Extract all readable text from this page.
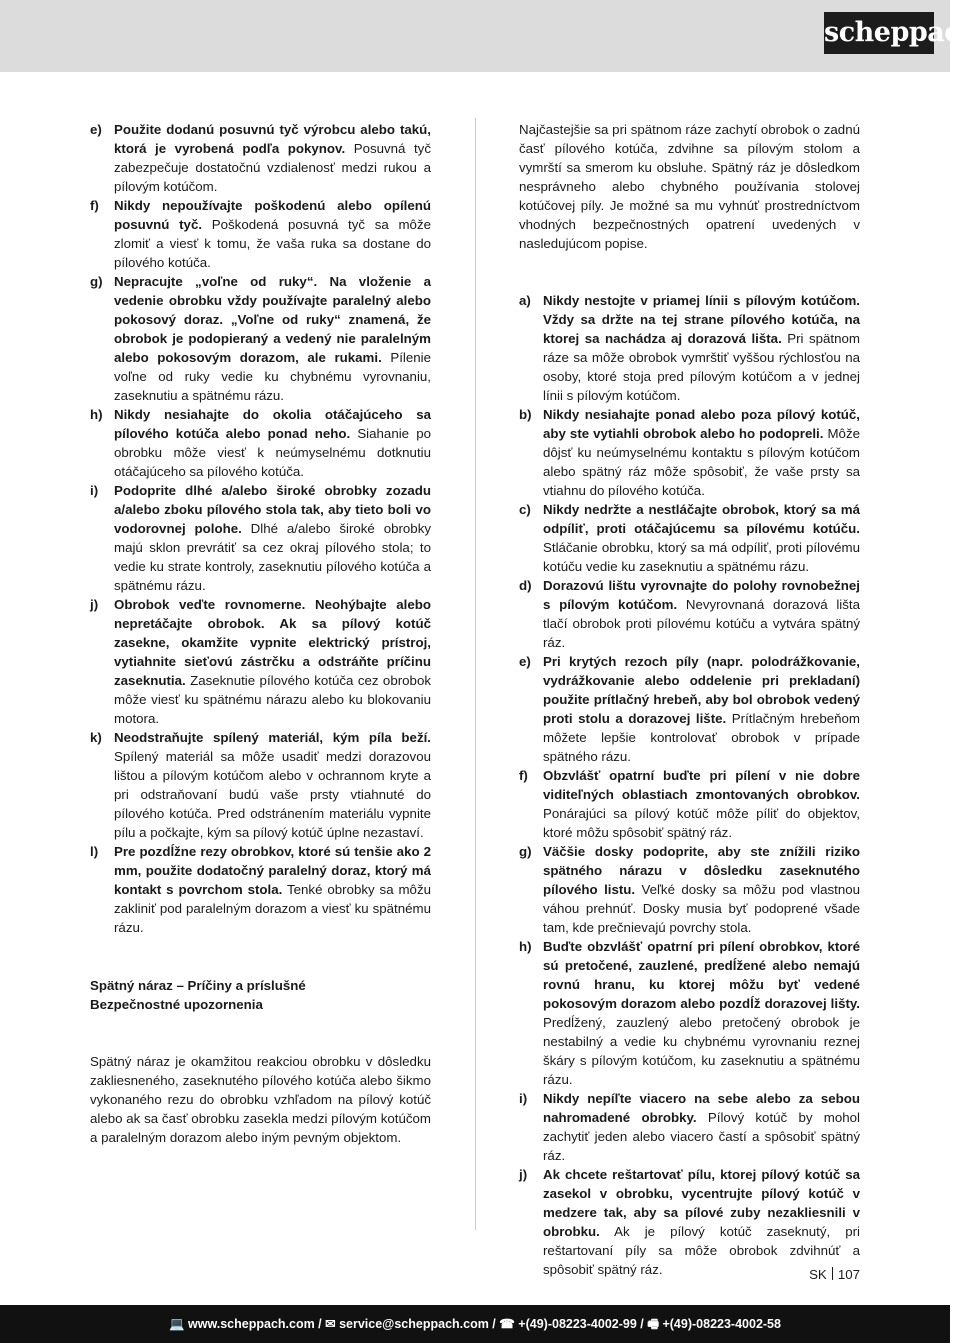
scheppach
e) Použite dodanú posuvnú tyč výrobcu alebo takú, ktorá je vyrobená podľa pokynov. Posuvná tyč zabezpečuje dostatočnú vzdialenosť medzi rukou a pílovým kotúčom.
f) Nikdy nepoužívajte poškodenú alebo opílenú posuvnú tyč. Poškodená posuvná tyč sa môže zlomiť a viesť k tomu, že vaša ruka sa dostane do pílového kotúča.
g) Nepracujte „voľne od ruky“. Na vloženie a vedenie obrobku vždy používajte paralelný alebo pokosový doraz. „Voľne od ruky“ znamená, že obrobok je podopieraný a vedený nie paralelným alebo pokosovým dorazom, ale rukami. Pílenie voľne od ruky vedie ku chybnému vyrovnaniu, zaseknutiu a spätnému rázu.
h) Nikdy nesiahajte do okolia otáčajúceho sa pílového kotúča alebo ponad neho. Siahanie po obrobku môže viesť k neúmyselnému dotknutiu otáčajúceho sa pílového kotúča.
i) Podoprite dlhé a/alebo široké obrobky zozadu a/alebo zboku pílového stola tak, aby tieto boli vo vodorovnej polohe. Dlhé a/alebo široké obrobky majú sklon prevrátiť sa cez okraj pílového stola; to vedie ku strate kontroly, zaseknutiu pílového kotúča a spätnému rázu.
j) Obrobok veďte rovnomerne. Neohýbajte alebo nepretáčajte obrobok. Ak sa pílový kotúč zasekne, okamžite vypnite elektrický prístroj, vytiahnite sieťovú zástrčku a odstráňte príčinu zaseknutia. Zaseknutie pílového kotúča cez obrobok môže viesť ku spätnému nárazu alebo ku blokovaniu motora.
k) Neodstraňujte spílený materiál, kým píla beží. Spílený materiál sa môže usadiť medzi dorazovou lištou a pílovým kotúčom alebo v ochrannom kryte a pri odstraňovaní budú vaše prsty vtiahnuté do pílového kotúča. Pred odstránením materiálu vypnite pílu a počkajte, kým sa pílový kotúč úplne nezastaví.
l) Pre pozdĺžne rezy obrobkov, ktoré sú tenšie ako 2 mm, použite dodatočný paralelný doraz, ktorý má kontakt s povrchom stola. Tenké obrobky sa môžu zakliniť pod paralelným dorazom a viesť ku spätnému rázu.

Spätný náraz – Príčiny a príslušné
Bezpečnostné upozornenia

Spätný náraz je okamžitou reakciou obrobku v dôsledku zakliesneného, zaseknutého pílového kotúča alebo šikmo vykonaného rezu do obrobku vzhľadom na pílový kotúč alebo ak sa časť obrobku zasekla medzi pílovým kotúčom a paralelným dorazom alebo iným pevným objektom.

Najčastejšie sa pri spätnom ráze zachytí obrobok o zadnú časť pílového kotúča, zdvihne sa pílovým stolom a vymrští sa smerom ku obsluhe. Spätný ráz je dôsledkom nesprávneho alebo chybného používania stolovej kotúčovej píly. Je možné sa mu vyhnúť prostredníctvom vhodných bezpečnostných opatrení uvedených v nasledujúcom popise.

a) Nikdy nestojte v priamej línii s pílovým kotúčom. Vždy sa držte na tej strane pílového kotúča, na ktorej sa nachádza aj dorazová lišta. Pri spätnom ráze sa môže obrobok vymrštiť vyššou rýchlosťou na osoby, ktoré stoja pred pílovým kotúčom a v jednej línii s pílovým kotúčom.
b) Nikdy nesiahajte ponad alebo poza pílový kotúč, aby ste vytiahli obrobok alebo ho podopreli. Môže dôjsť ku neúmyselnému kontaktu s pílovým kotúčom alebo spätný ráz môže spôsobiť, že vaše prsty sa vtiahnu do pílového kotúča.
c) Nikdy nedržte a nestláčajte obrobok, ktorý sa má odpíliť, proti otáčajúcemu sa pílovému kotúču. Stláčanie obrobku, ktorý sa má odpíliť, proti pílovému kotúču vedie ku zaseknutiu a spätnému rázu.
d) Dorazovú lištu vyrovnajte do polohy rovnobežnej s pílovým kotúčom. Nevyrovnaná dorazová lišta tlačí obrobok proti pílovému kotúču a vytvára spätný ráz.
e) Pri krytých rezoch píly (napr. polodrážkovanie, vydrážkovanie alebo oddelenie pri prekladaní) použite prítlačný hrebeň, aby bol obrobok vedený proti stolu a dorazovej lište. Prítlačným hrebeňom môžete lepšie kontrolovať obrobok v prípade spätného rázu.
f) Obzvlášť opatrní buďte pri pílení v nie dobre viditeľných oblastiach zmontovaných obrobkov. Ponárajúci sa pílový kotúč môže píliť do objektov, ktoré môžu spôsobiť spätný ráz.
g) Väčšie dosky podoprite, aby ste znížili riziko spätného nárazu v dôsledku zaseknutého pílového listu. Veľké dosky sa môžu pod vlastnou váhou prehnúť. Dosky musia byť podoprené všade tam, kde prečnievajú povrchy stola.
h) Buďte obzvlášť opatrní pri pílení obrobkov, ktoré sú pretočené, zauzlené, predĺžené alebo nemajú rovnú hranu, ku ktorej môžu byť vedené pokosovým dorazom alebo pozdĺž dorazovej lišty. Predĺžený, zauzlený alebo pretočený obrobok je nestabilný a vedie ku chybnému vyrovnaniu reznej škáry s pílovým kotúčom, ku zaseknutiu a spätnému rázu.
i) Nikdy nepíľte viacero na sebe alebo za sebou nahromadené obrobky. Pílový kotúč by mohol zachytiť jeden alebo viacero častí a spôsobiť spätný ráz.
j) Ak chcete reštartovať pílu, ktorej pílový kotúč sa zasekol v obrobku, vycentrujte pílový kotúč v medzere tak, aby sa pílové zuby nezakliesnili v obrobku. Ak je pílový kotúč zaseknutý, pri reštartovaní píly sa môže obrobok zdvihnúť a spôsobiť spätný ráz.	SK 107
💻 www.scheppach.com / ✉ service@scheppach.com / ☎ +(49)-08223-4002-99 / 🖷 +(49)-08223-4002-58
